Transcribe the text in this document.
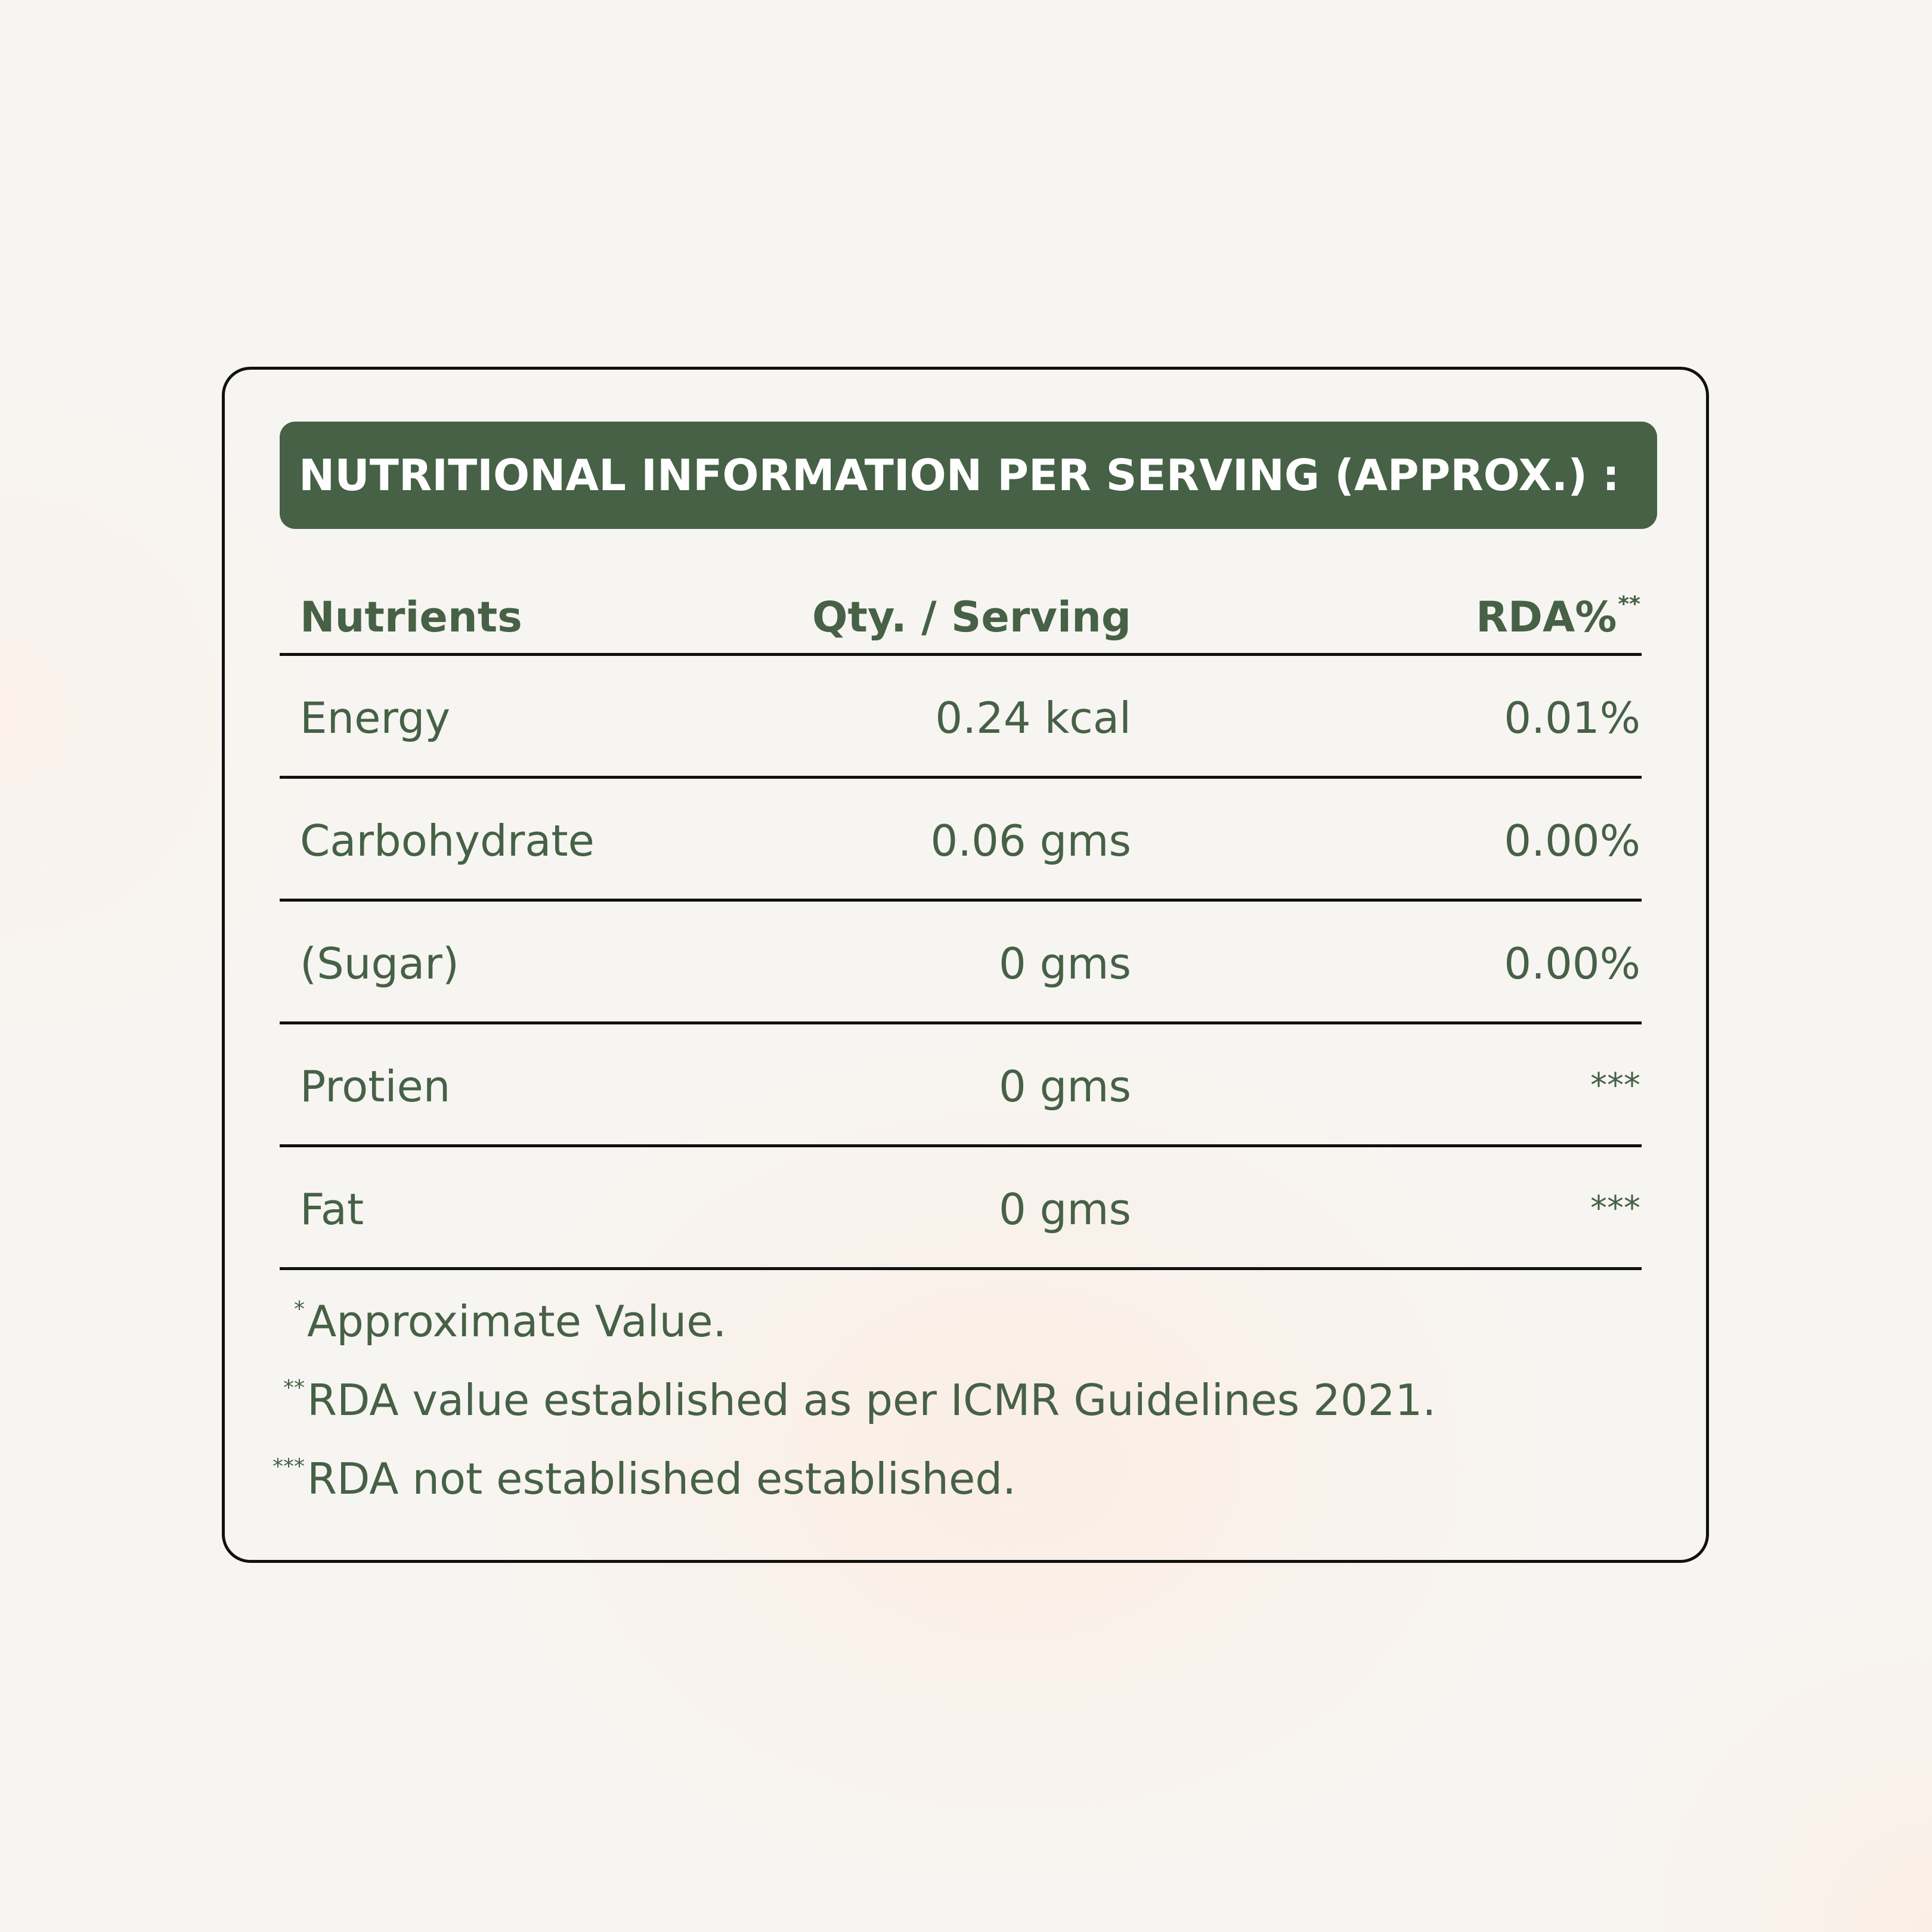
NUTRITIONAL INFORMATION PER SERVING (APPROX.) :
Nutrients	Qty. / Serving	RDA%**
Energy	0.24 kcal	0.01%
Carbohydrate	0.06 gms	0.00%
(Sugar)	0 gms	0.00%
Protien	0 gms	***
Fat	0 gms	***
*Approximate Value.
**RDA value established as per ICMR Guidelines 2021.
***RDA not established established.
